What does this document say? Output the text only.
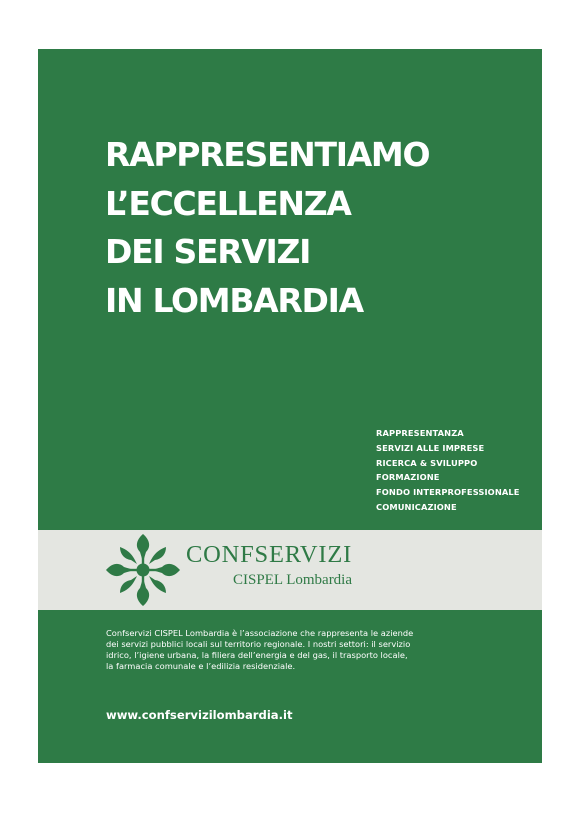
RAPPRESENTIAMO
L’ECCELLENZA
DEI SERVIZI
IN LOMBARDIA
RAPPRESENTANZA
SERVIZI ALLE IMPRESE
RICERCA & SVILUPPO
FORMAZIONE
FONDO INTERPROFESSIONALE
COMUNICAZIONE

CONFSERVIZI

CISPEL Lombardia

Confservizi CISPEL Lombardia è l’associazione che rappresenta le aziende
dei servizi pubblici locali sul territorio regionale. I nostri settori: il servizio
idrico, l’igiene urbana, la filiera dell’energia e del gas, il trasporto locale,
la farmacia comunale e l’edilizia residenziale.

www.confservizilombardia.it
